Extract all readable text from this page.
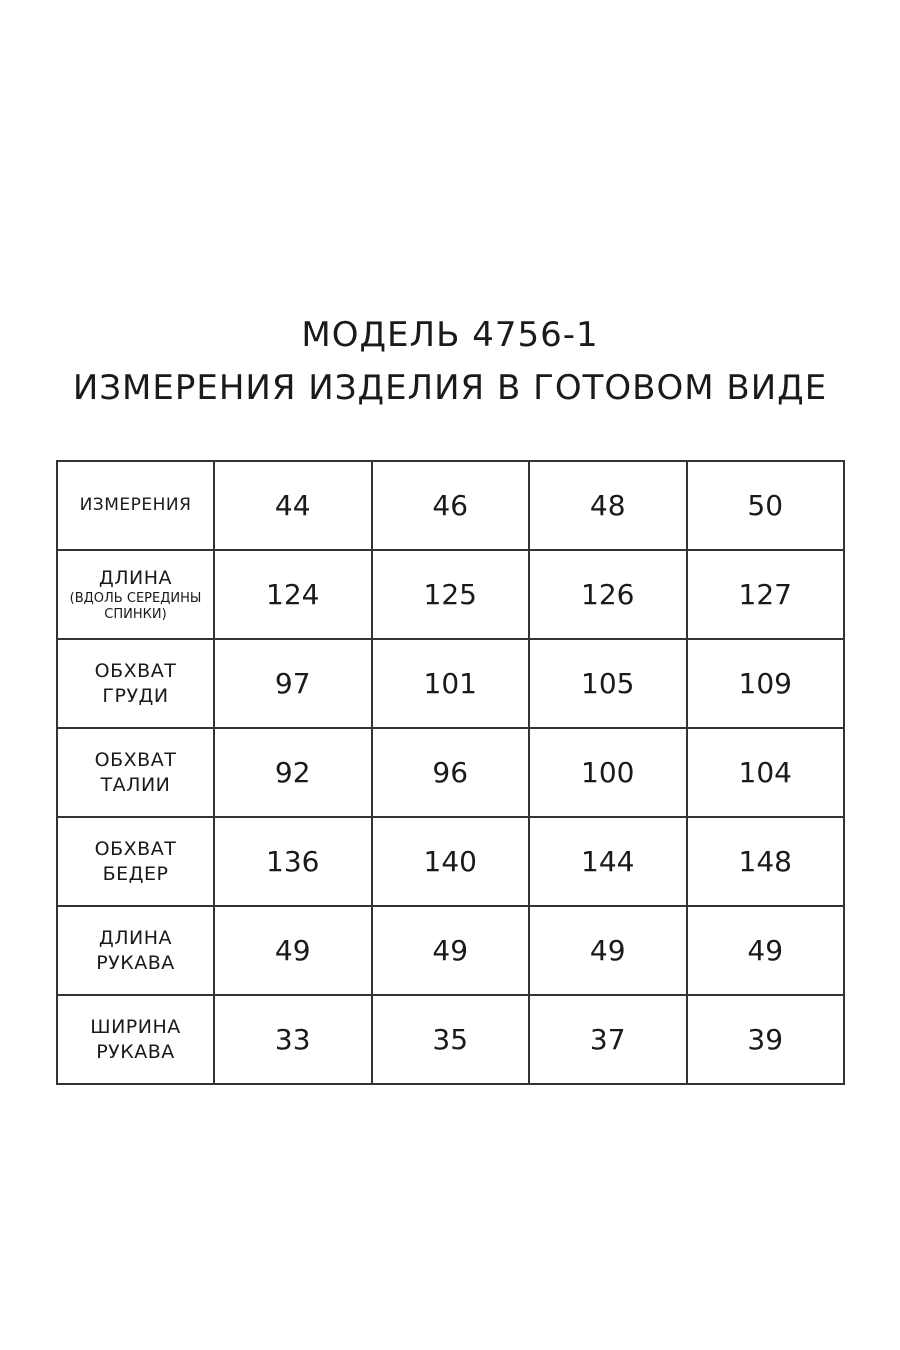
МОДЕЛЬ 4756-1
ИЗМЕРЕНИЯ ИЗДЕЛИЯ В ГОТОВОМ ВИДЕ
ИЗМЕРЕНИЯ	44	46	48	50

ДЛИНА
(ВДОЛЬ СЕРЕДИНЫ СПИНКИ)	124	125	126	127

ОБХВАТ ГРУДИ	97	101	105	109

ОБХВАТ ТАЛИИ	92	96	100	104

ОБХВАТ БЕДЕР	136	140	144	148

ДЛИНА РУКАВА	49	49	49	49

ШИРИНА РУКАВА	33	35	37	39
